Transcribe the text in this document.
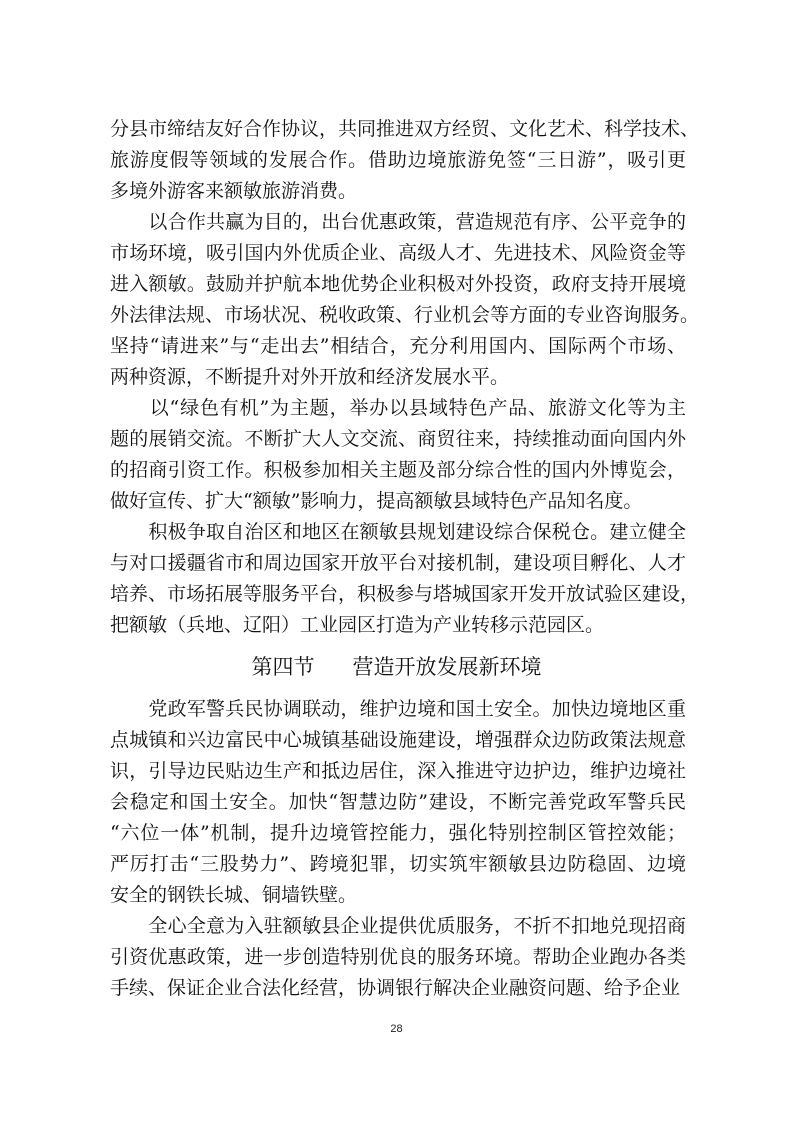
分县市缔结友好合作协议，共同推进双方经贸、文化艺术、科学技术、
旅游度假等领域的发展合作。借助边境旅游免签“三日游”，吸引更
多境外游客来额敏旅游消费。
　　以合作共赢为目的，出台优惠政策，营造规范有序、公平竞争的
市场环境，吸引国内外优质企业、高级人才、先进技术、风险资金等
进入额敏。鼓励并护航本地优势企业积极对外投资，政府支持开展境
外法律法规、市场状况、税收政策、行业机会等方面的专业咨询服务。
坚持“请进来”与“走出去”相结合，充分利用国内、国际两个市场、
两种资源，不断提升对外开放和经济发展水平。
　　以“绿色有机”为主题，举办以县域特色产品、旅游文化等为主
题的展销交流。不断扩大人文交流、商贸往来，持续推动面向国内外
的招商引资工作。积极参加相关主题及部分综合性的国内外博览会，
做好宣传、扩大“额敏”影响力，提高额敏县域特色产品知名度。
　　积极争取自治区和地区在额敏县规划建设综合保税仓。建立健全
与对口援疆省市和周边国家开放平台对接机制，建设项目孵化、人才
培养、市场拓展等服务平台，积极参与塔城国家开发开放试验区建设，
把额敏（兵地、辽阳）工业园区打造为产业转移示范园区。
第四节 营造开放发展新环境
　　党政军警兵民协调联动，维护边境和国土安全。加快边境地区重
点城镇和兴边富民中心城镇基础设施建设，增强群众边防政策法规意
识，引导边民贴边生产和抵边居住，深入推进守边护边，维护边境社
会稳定和国土安全。加快“智慧边防”建设，不断完善党政军警兵民
“六位一体”机制，提升边境管控能力，强化特别控制区管控效能；
严厉打击“三股势力”、跨境犯罪，切实筑牢额敏县边防稳固、边境
安全的钢铁长城、铜墙铁壁。
　　全心全意为入驻额敏县企业提供优质服务，不折不扣地兑现招商
引资优惠政策，进一步创造特别优良的服务环境。帮助企业跑办各类
手续、保证企业合法化经营，协调银行解决企业融资问题、给予企业
28
